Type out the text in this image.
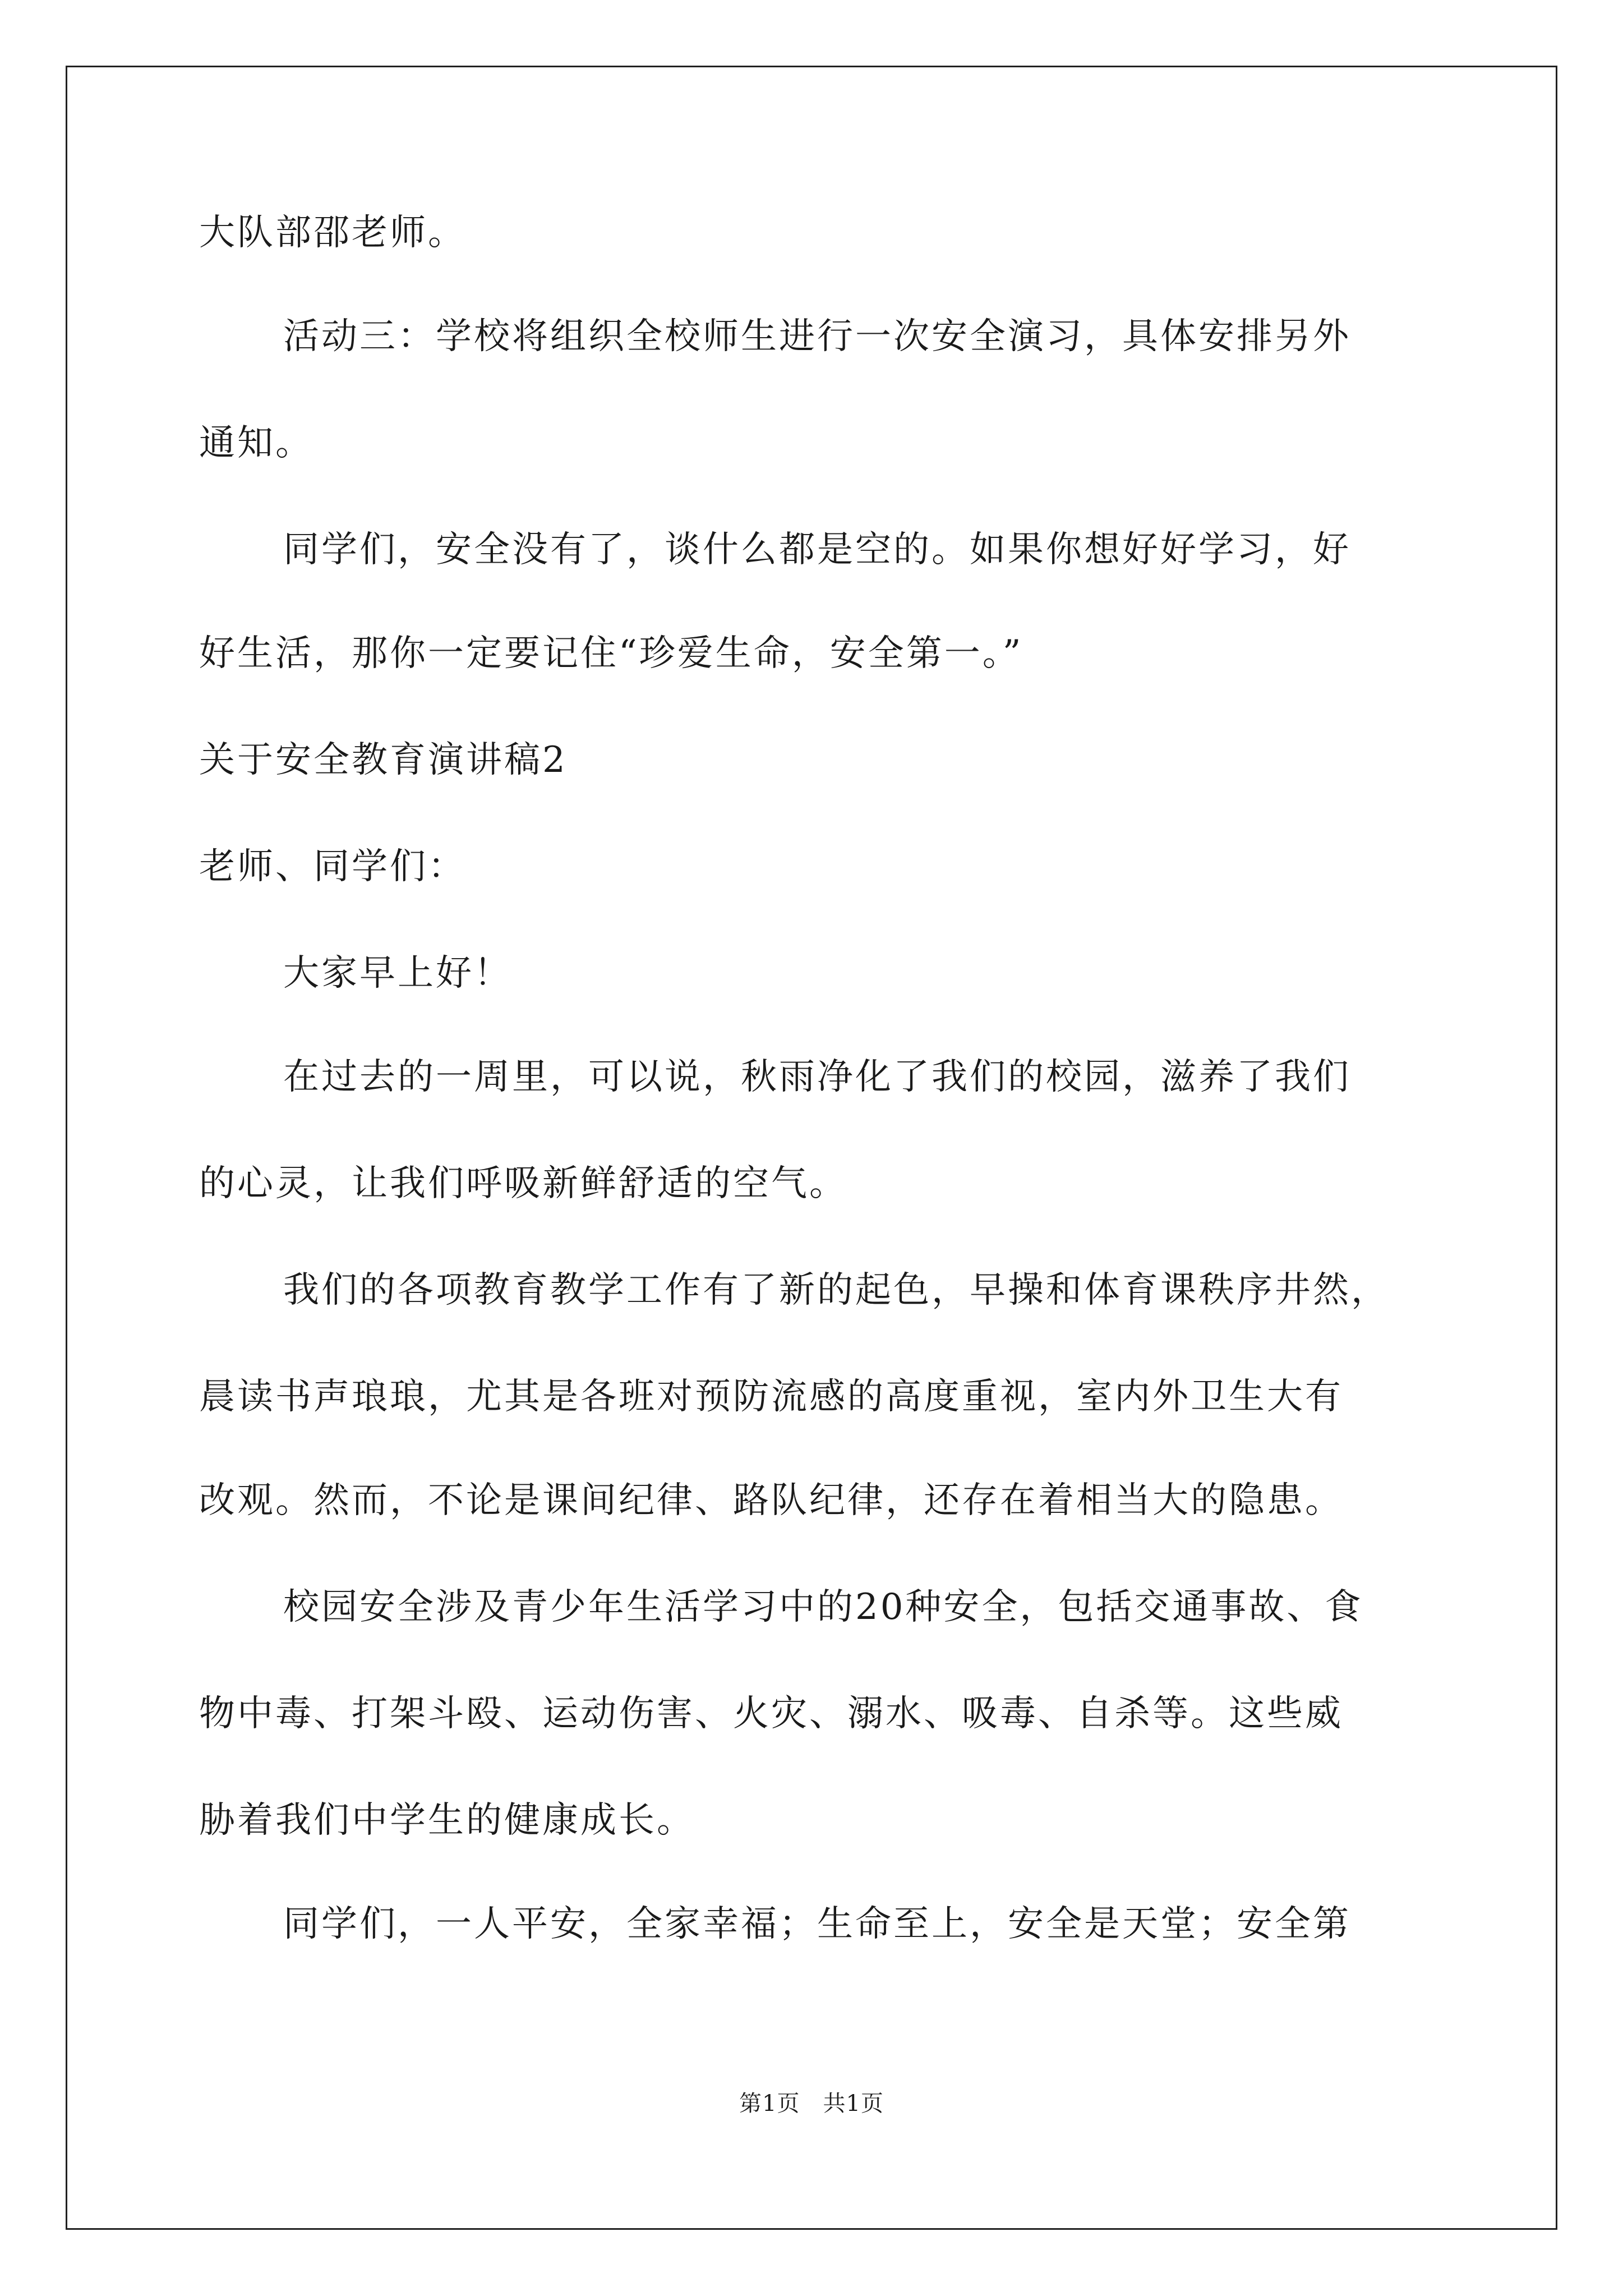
大队部邵老师。
活动三：学校将组织全校师生进行一次安全演习，具体安排另外
通知。
同学们，安全没有了，谈什么都是空的。如果你想好好学习，好
好生活，那你一定要记住“珍爱生命，安全第一。”
关于安全教育演讲稿2
老师、同学们：
大家早上好！
在过去的一周里，可以说，秋雨净化了我们的校园，滋养了我们
的心灵，让我们呼吸新鲜舒适的空气。
我们的各项教育教学工作有了新的起色，早操和体育课秩序井然，
晨读书声琅琅，尤其是各班对预防流感的高度重视，室内外卫生大有
改观。然而，不论是课间纪律、路队纪律，还存在着相当大的隐患。
校园安全涉及青少年生活学习中的20种安全，包括交通事故、食
物中毒、打架斗殴、运动伤害、火灾、溺水、吸毒、自杀等。这些威
胁着我们中学生的健康成长。
同学们，一人平安，全家幸福；生命至上，安全是天堂；安全第
第1页　共1页
